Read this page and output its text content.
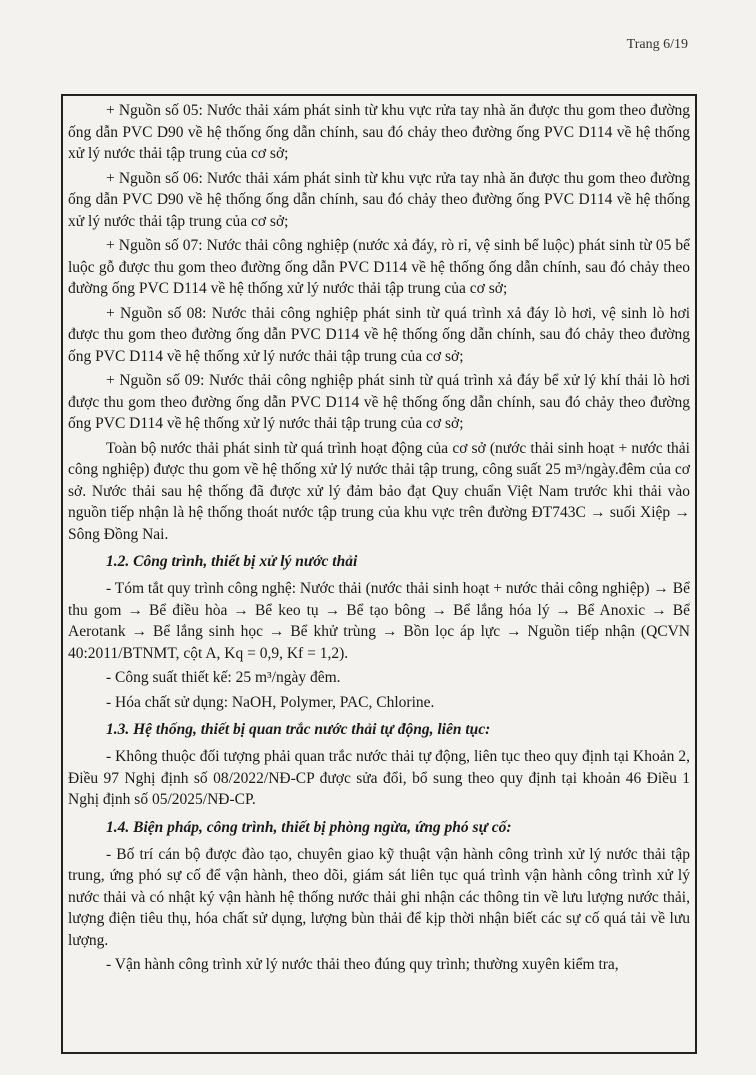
Trang 6/19

+ Nguồn số 05: Nước thải xám phát sinh từ khu vực rửa tay nhà ăn được thu gom theo đường ống dẫn PVC D90 về hệ thống ống dẫn chính, sau đó chảy theo đường ống PVC D114 về hệ thống xử lý nước thải tập trung của cơ sở;

+ Nguồn số 06: Nước thải xám phát sinh từ khu vực rửa tay nhà ăn được thu gom theo đường ống dẫn PVC D90 về hệ thống ống dẫn chính, sau đó chảy theo đường ống PVC D114 về hệ thống xử lý nước thải tập trung của cơ sở;

+ Nguồn số 07: Nước thải công nghiệp (nước xả đáy, rò rỉ, vệ sinh bể luộc) phát sinh từ 05 bể luộc gỗ được thu gom theo đường ống dẫn PVC D114 về hệ thống ống dẫn chính, sau đó chảy theo đường ống PVC D114 về hệ thống xử lý nước thải tập trung của cơ sở;

+ Nguồn số 08: Nước thải công nghiệp phát sinh từ quá trình xả đáy lò hơi, vệ sinh lò hơi được thu gom theo đường ống dẫn PVC D114 về hệ thống ống dẫn chính, sau đó chảy theo đường ống PVC D114 về hệ thống xử lý nước thải tập trung của cơ sở;

+ Nguồn số 09: Nước thải công nghiệp phát sinh từ quá trình xả đáy bể xử lý khí thải lò hơi được thu gom theo đường ống dẫn PVC D114 về hệ thống ống dẫn chính, sau đó chảy theo đường ống PVC D114 về hệ thống xử lý nước thải tập trung của cơ sở;

Toàn bộ nước thải phát sinh từ quá trình hoạt động của cơ sở (nước thải sinh hoạt + nước thải công nghiệp) được thu gom về hệ thống xử lý nước thải tập trung, công suất 25 m³/ngày.đêm của cơ sở. Nước thải sau hệ thống đã được xử lý đảm bảo đạt Quy chuẩn Việt Nam trước khi thải vào nguồn tiếp nhận là hệ thống thoát nước tập trung của khu vực trên đường ĐT743C → suối Xiệp → Sông Đồng Nai.

1.2. Công trình, thiết bị xử lý nước thải

- Tóm tắt quy trình công nghệ: Nước thải (nước thải sinh hoạt + nước thải công nghiệp) → Bể thu gom → Bể điều hòa → Bể keo tụ → Bể tạo bông → Bể lắng hóa lý → Bể Anoxic → Bể Aerotank → Bể lắng sinh học → Bể khử trùng → Bồn lọc áp lực → Nguồn tiếp nhận (QCVN 40:2011/BTNMT, cột A, Kq = 0,9, Kf = 1,2).

- Công suất thiết kế: 25 m³/ngày đêm.

- Hóa chất sử dụng: NaOH, Polymer, PAC, Chlorine.

1.3. Hệ thống, thiết bị quan trắc nước thải tự động, liên tục:

- Không thuộc đối tượng phải quan trắc nước thải tự động, liên tục theo quy định tại Khoản 2, Điều 97 Nghị định số 08/2022/NĐ-CP được sửa đổi, bổ sung theo quy định tại khoản 46 Điều 1 Nghị định số 05/2025/NĐ-CP.

1.4. Biện pháp, công trình, thiết bị phòng ngừa, ứng phó sự cố:

- Bố trí cán bộ được đào tạo, chuyên giao kỹ thuật vận hành công trình xử lý nước thải tập trung, ứng phó sự cố để vận hành, theo dõi, giám sát liên tục quá trình vận hành công trình xử lý nước thải và có nhật ký vận hành hệ thống nước thải ghi nhận các thông tin về lưu lượng nước thải, lượng điện tiêu thụ, hóa chất sử dụng, lượng bùn thải để kịp thời nhận biết các sự cố quá tải về lưu lượng.

- Vận hành công trình xử lý nước thải theo đúng quy trình; thường xuyên kiểm tra,
